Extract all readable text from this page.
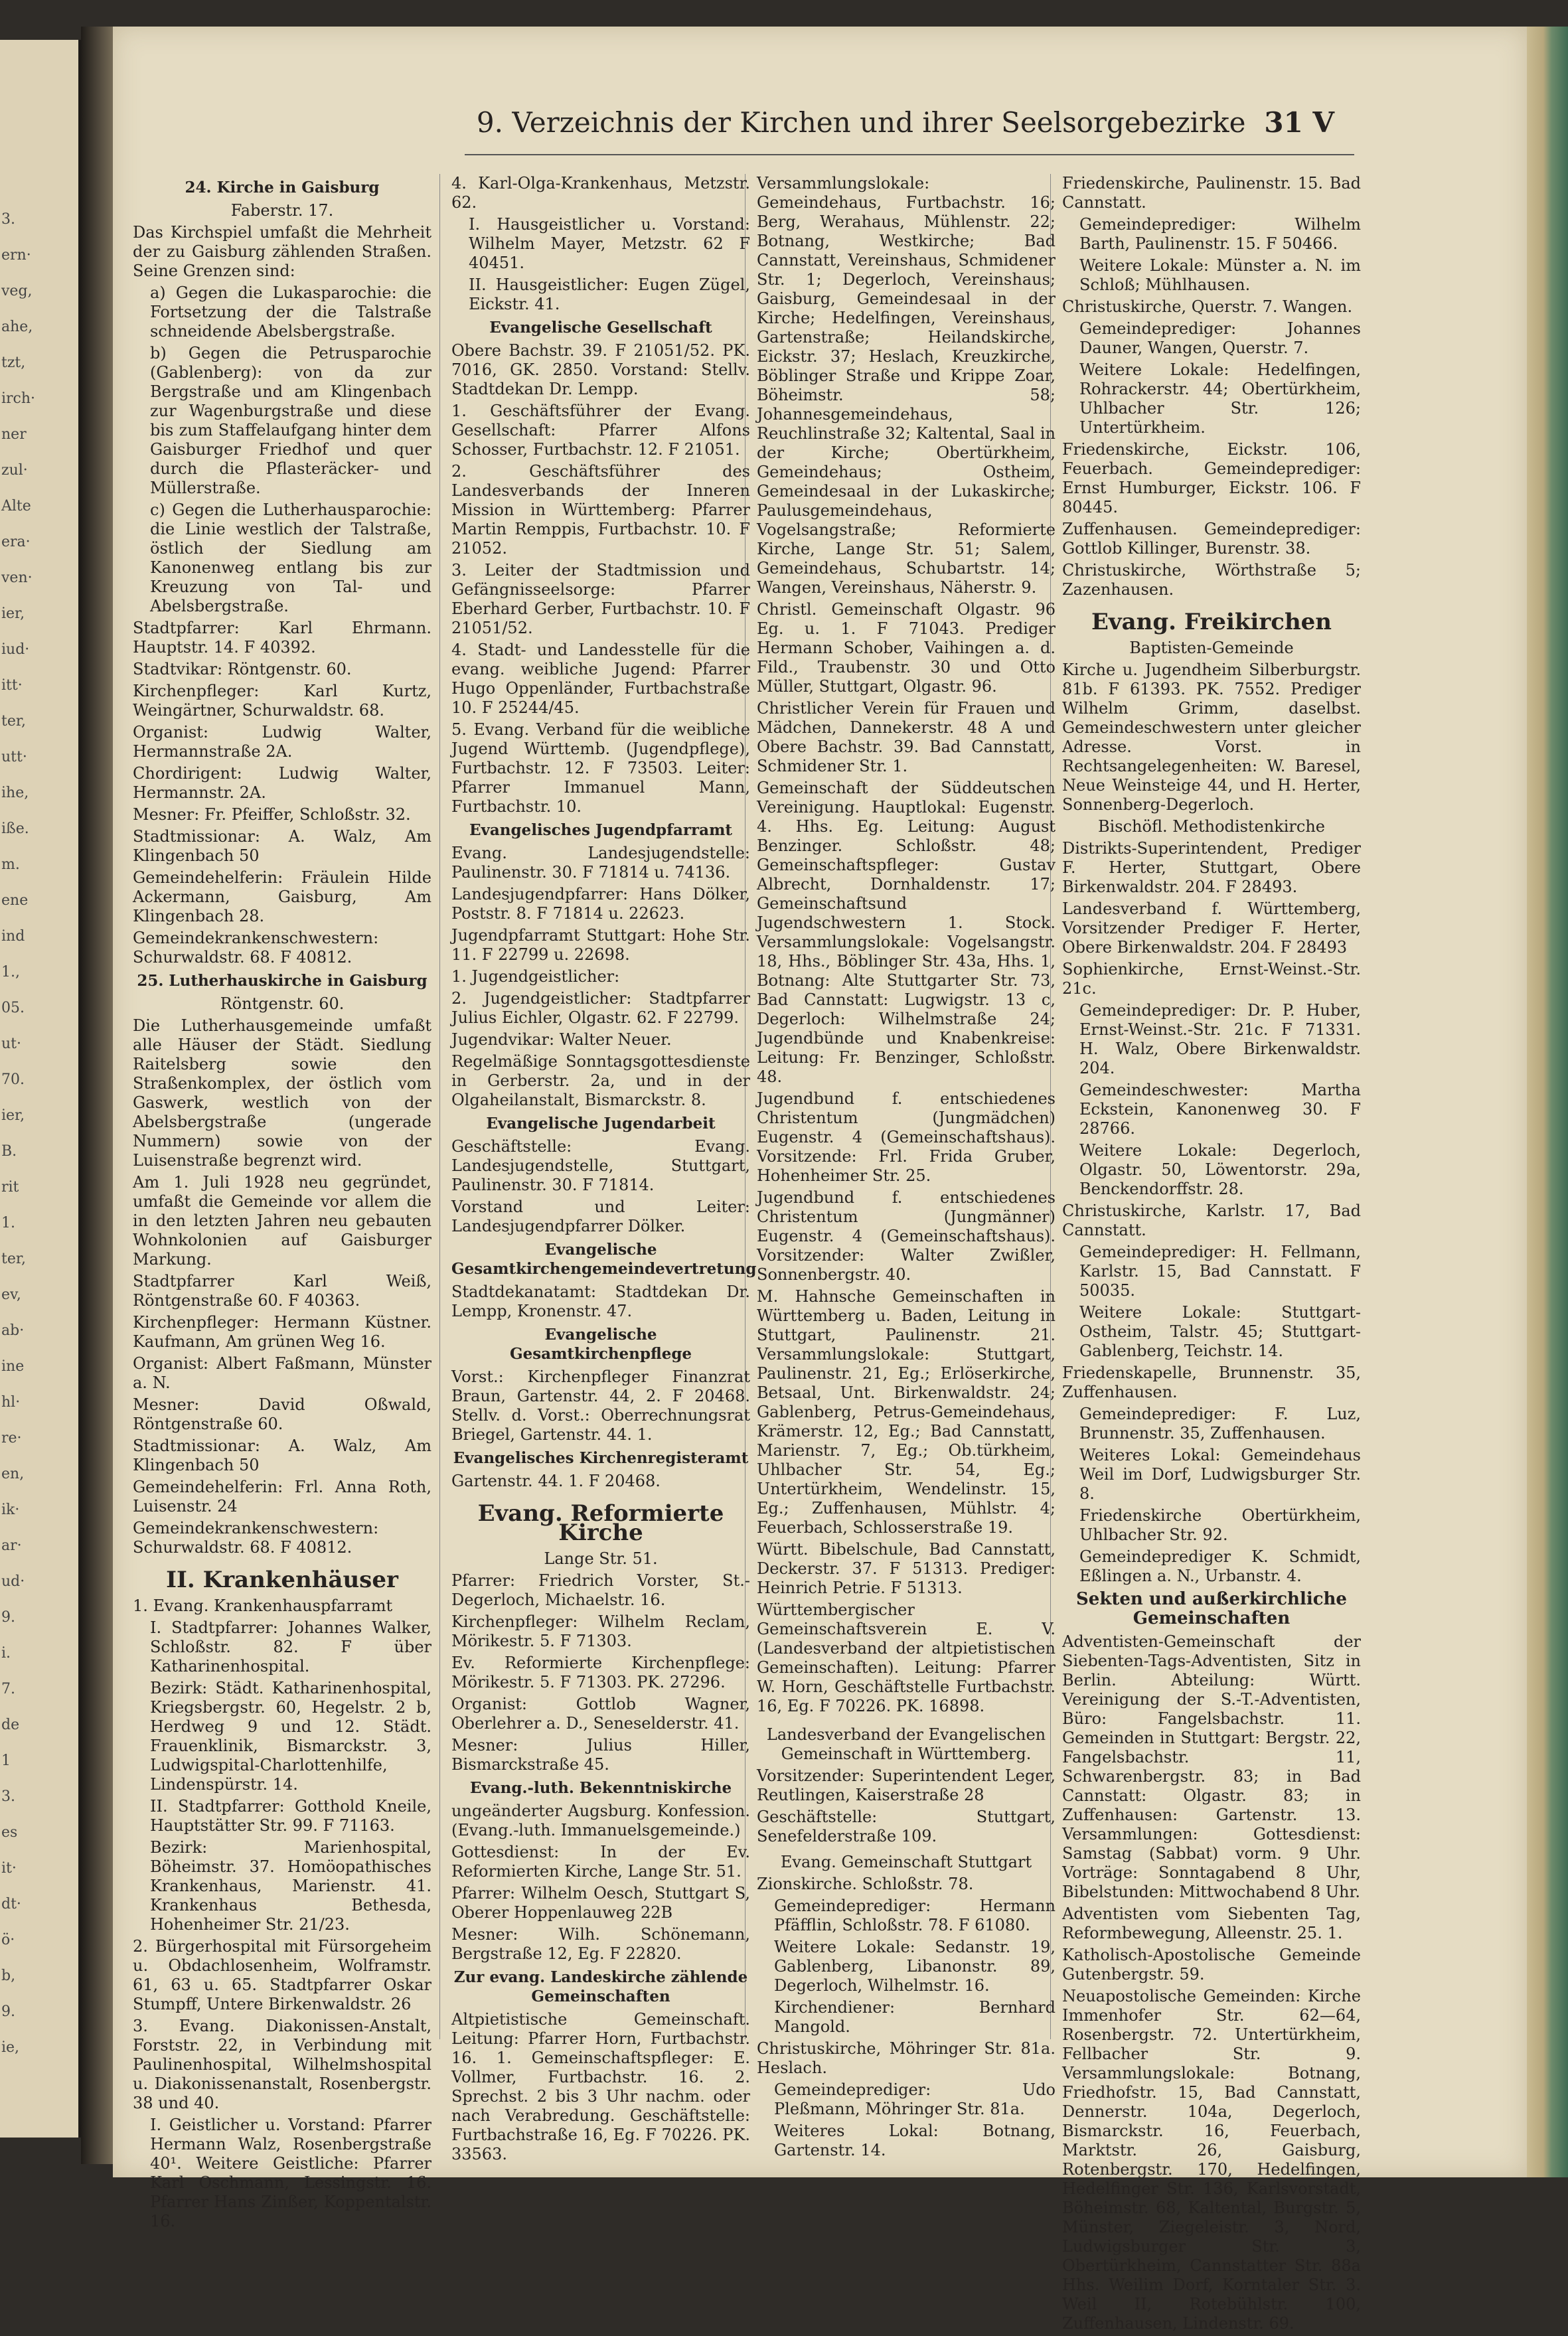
3.
ern·
veg,
ahe,
tzt,
irch·
ner
zul·
Alte
era·
ven·
ier,
iud·
itt·
ter,
utt·
ihe,
iße.
m.
ene
ind
1.,
05.
ut·
70.
ier,
B.
rit
1.
ter,
ev,
ab·
ine
hl·
re·
en,
ik·
ar·
ud·
9.
i.
7.
de
1
3.
es
it·
dt·
ö·
b,
9.
ie,
9. Verzeichnis der Kirchen und ihrer Seelsorgebezirke 31 V
24. Kirche in Gaisburg

Faberstr. 17.

Das Kirchspiel umfaßt die Mehrheit der zu Gaisburg zählenden Straßen. Seine Grenzen sind:

a) Gegen die Lukasparochie: die Fortsetzung der die Talstraße schneidende Abelsbergstraße.

b) Gegen die Petrusparochie (Gablenberg): von da zur Bergstraße und am Klingenbach zur Wagenburgstraße und diese bis zum Staffelaufgang hinter dem Gaisburger Friedhof und quer durch die Pflasteräcker- und Müllerstraße.

c) Gegen die Lutherhausparochie: die Linie westlich der Talstraße, östlich der Siedlung am Kanonenweg entlang bis zur Kreuzung von Tal- und Abelsbergstraße.

Stadtpfarrer: Karl Ehrmann. Hauptstr. 14. F 40392.

Stadtvikar: Röntgenstr. 60.

Kirchenpfleger: Karl Kurtz, Weingärtner, Schurwaldstr. 68.

Organist: Ludwig Walter, Hermannstraße 2A.

Chordirigent: Ludwig Walter, Hermannstr. 2A.

Mesner: Fr. Pfeiffer, Schloßstr. 32.

Stadtmissionar: A. Walz, Am Klingenbach 50

Gemeindehelferin: Fräulein Hilde Ackermann, Gaisburg, Am Klingenbach 28.

Gemeindekrankenschwestern: Schurwaldstr. 68. F 40812.

25. Lutherhauskirche in Gaisburg

Röntgenstr. 60.

Die Lutherhausgemeinde umfaßt alle Häuser der Städt. Siedlung Raitelsberg sowie den Straßenkomplex, der östlich vom Gaswerk, westlich von der Abelsbergstraße (ungerade Nummern) sowie von der Luisenstraße begrenzt wird.

Am 1. Juli 1928 neu gegründet, umfaßt die Gemeinde vor allem die in den letzten Jahren neu gebauten Wohnkolonien auf Gaisburger Markung.

Stadtpfarrer Karl Weiß, Röntgenstraße 60. F 40363.

Kirchenpfleger: Hermann Küstner. Kaufmann, Am grünen Weg 16.

Organist: Albert Faßmann, Münster a. N.

Mesner: David Oßwald, Röntgenstraße 60.

Stadtmissionar: A. Walz, Am Klingenbach 50

Gemeindehelferin: Frl. Anna Roth, Luisenstr. 24

Gemeindekrankenschwestern: Schurwaldstr. 68. F 40812.

II. Krankenhäuser

1. Evang. Krankenhauspfarramt

I. Stadtpfarrer: Johannes Walker, Schloßstr. 82. F über Katharinenhospital.

Bezirk: Städt. Katharinenhospital, Kriegsbergstr. 60, Hegelstr. 2 b, Herdweg 9 und 12. Städt. Frauenklinik, Bismarckstr. 3, Ludwigspital-Charlottenhilfe, Lindenspürstr. 14.

II. Stadtpfarrer: Gotthold Kneile, Hauptstätter Str. 99. F 71163.

Bezirk: Marienhospital, Böheimstr. 37. Homöopathisches Krankenhaus, Marienstr. 41. Krankenhaus Bethesda, Hohenheimer Str. 21/23.

2. Bürgerhospital mit Fürsorgeheim u. Obdachlosenheim, Wolframstr. 61, 63 u. 65. Stadtpfarrer Oskar Stumpff, Untere Birkenwaldstr. 26

3. Evang. Diakonissen-Anstalt, Forststr. 22, in Verbindung mit Paulinenhospital, Wilhelmshospital u. Diakonissenanstalt, Rosenbergstr. 38 und 40.

I. Geistlicher u. Vorstand: Pfarrer Hermann Walz, Rosenbergstraße 40¹. Weitere Geistliche: Pfarrer Karl Oschmann, Lessingstr. 16. Pfarrer Hans Zinßer, Koppentalstr. 16.

4. Karl-Olga-Krankenhaus, Metzstr. 62.

I. Hausgeistlicher u. Vorstand: Wilhelm Mayer, Metzstr. 62 F 40451.

II. Hausgeistlicher: Eugen Zügel, Eickstr. 41.

Evangelische Gesellschaft

Obere Bachstr. 39. F 21051/52. PK. 7016, GK. 2850. Vorstand: Stellv. Stadtdekan Dr. Lempp.

1. Geschäftsführer der Evang. Gesellschaft: Pfarrer Alfons Schosser, Furtbachstr. 12. F 21051.

2. Geschäftsführer des Landesverbands der Inneren Mission in Württemberg: Pfarrer Martin Remppis, Furtbachstr. 10. F 21052.

3. Leiter der Stadtmission und Gefängnisseelsorge: Pfarrer Eberhard Gerber, Furtbachstr. 10. F 21051/52.

4. Stadt- und Landesstelle für die evang. weibliche Jugend: Pfarrer Hugo Oppenländer, Furtbachstraße 10. F 25244/45.

5. Evang. Verband für die weibliche Jugend Württemb. (Jugendpflege), Furtbachstr. 12. F 73503. Leiter: Pfarrer Immanuel Mann, Furtbachstr. 10.

Evangelisches Jugendpfarramt

Evang. Landesjugendstelle: Paulinenstr. 30. F 71814 u. 74136.

Landesjugendpfarrer: Hans Dölker, Poststr. 8. F 71814 u. 22623.

Jugendpfarramt Stuttgart: Hohe Str. 11. F 22799 u. 22698.

1. Jugendgeistlicher:

2. Jugendgeistlicher: Stadtpfarrer Julius Eichler, Olgastr. 62. F 22799.

Jugendvikar: Walter Neuer.

Regelmäßige Sonntagsgottesdienste in Gerberstr. 2a, und in der Olgaheilanstalt, Bismarckstr. 8.

Evangelische Jugendarbeit

Geschäftstelle: Evang. Landesjugendstelle, Stuttgart, Paulinenstr. 30. F 71814.

Vorstand und Leiter: Landesjugendpfarrer Dölker.

Evangelische Gesamtkirchengemeindevertretung

Stadtdekanatamt: Stadtdekan Dr. Lempp, Kronenstr. 47.

Evangelische Gesamtkirchenpflege

Vorst.: Kirchenpfleger Finanzrat Braun, Gartenstr. 44, 2. F 20468. Stellv. d. Vorst.: Oberrechnungsrat Briegel, Gartenstr. 44. 1.

Evangelisches Kirchenregisteramt

Gartenstr. 44. 1. F 20468.

Evang. Reformierte Kirche

Lange Str. 51.

Pfarrer: Friedrich Vorster, St.-Degerloch, Michaelstr. 16.

Kirchenpfleger: Wilhelm Reclam, Mörikestr. 5. F 71303.

Ev. Reformierte Kirchenpflege: Mörikestr. 5. F 71303. PK. 27296.

Organist: Gottlob Wagner, Oberlehrer a. D., Seneselderstr. 41.

Mesner: Julius Hiller, Bismarckstraße 45.

Evang.-luth. Bekenntniskirche

ungeänderter Augsburg. Konfession. (Evang.-luth. Immanuelsgemeinde.)

Gottesdienst: In der Ev. Reformierten Kirche, Lange Str. 51.

Pfarrer: Wilhelm Oesch, Stuttgart S, Oberer Hoppenlauweg 22B

Mesner: Wilh. Schönemann, Bergstraße 12, Eg. F 22820.

Zur evang. Landeskirche zählende Gemeinschaften

Altpietistische Gemeinschaft. Leitung: Pfarrer Horn, Furtbachstr. 16. 1. Gemeinschaftspfleger: E. Vollmer, Furtbachstr. 16. 2. Sprechst. 2 bis 3 Uhr nachm. oder nach Verabredung. Geschäftstelle: Furtbachstraße 16, Eg. F 70226. PK. 33563.

Versammlungslokale: Gemeindehaus, Furtbachstr. 16; Berg, Werahaus, Mühlenstr. 22; Botnang, Westkirche; Bad Cannstatt, Vereinshaus, Schmidener Str. 1; Degerloch, Vereinshaus; Gaisburg, Gemeindesaal in der Kirche; Hedelfingen, Vereinshaus, Gartenstraße; Heilandskirche, Eickstr. 37; Heslach, Kreuzkirche, Böblinger Straße und Krippe Zoar, Böheimstr. 58; Johannesgemeindehaus, Reuchlinstraße 32; Kaltental, Saal in der Kirche; Obertürkheim, Gemeindehaus; Ostheim, Gemeindesaal in der Lukaskirche; Paulusgemeindehaus, Vogelsangstraße; Reformierte Kirche, Lange Str. 51; Salem, Gemeindehaus, Schubartstr. 14; Wangen, Vereinshaus, Näherstr. 9.

Christl. Gemeinschaft Olgastr. 96 Eg. u. 1. F 71043. Prediger Hermann Schober, Vaihingen a. d. Fild., Traubenstr. 30 und Otto Müller, Stuttgart, Olgastr. 96.

Christlicher Verein für Frauen und Mädchen, Dannekerstr. 48 A und Obere Bachstr. 39. Bad Cannstatt, Schmidener Str. 1.

Gemeinschaft der Süddeutschen Vereinigung. Hauptlokal: Eugenstr. 4. Hhs. Eg. Leitung: August Benzinger. Schloßstr. 48; Gemeinschaftspfleger: Gustav Albrecht, Dornhaldenstr. 17; Gemeinschaftsund Jugendschwestern 1. Stock. Versammlungslokale: Vogelsangstr. 18, Hhs., Böblinger Str. 43a, Hhs. 1, Botnang: Alte Stuttgarter Str. 73, Bad Cannstatt: Lugwigstr. 13 c, Degerloch: Wilhelmstraße 24; Jugendbünde und Knabenkreise: Leitung: Fr. Benzinger, Schloßstr. 48.

Jugendbund f. entschiedenes Christentum (Jungmädchen) Eugenstr. 4 (Gemeinschaftshaus). Vorsitzende: Frl. Frida Gruber, Hohenheimer Str. 25.

Jugendbund f. entschiedenes Christentum (Jungmänner) Eugenstr. 4 (Gemeinschaftshaus). Vorsitzender: Walter Zwißler, Sonnenbergstr. 40.

M. Hahnsche Gemeinschaften in Württemberg u. Baden, Leitung in Stuttgart, Paulinenstr. 21. Versammlungslokale: Stuttgart, Paulinenstr. 21, Eg.; Erlöserkirche, Betsaal, Unt. Birkenwaldstr. 24; Gablenberg, Petrus-Gemeindehaus, Krämerstr. 12, Eg.; Bad Cannstatt, Marienstr. 7, Eg.; Ob.türkheim, Uhlbacher Str. 54, Eg.; Untertürkheim, Wendelinstr. 15, Eg.; Zuffenhausen, Mühlstr. 4; Feuerbach, Schlosserstraße 19.

Württ. Bibelschule, Bad Cannstatt, Deckerstr. 37. F 51313. Prediger: Heinrich Petrie. F 51313.

Württembergischer Gemeinschaftsverein E. V. (Landesverband der altpietistischen Gemeinschaften). Leitung: Pfarrer W. Horn, Geschäftstelle Furtbachstr. 16, Eg. F 70226. PK. 16898.

Landesverband der Evangelischen Gemeinschaft in Württemberg.

Vorsitzender: Superintendent Leger, Reutlingen, Kaiserstraße 28

Geschäftstelle: Stuttgart, Senefelderstraße 109.

Evang. Gemeinschaft Stuttgart

Zionskirche. Schloßstr. 78.

Gemeindeprediger: Hermann Pfäfflin, Schloßstr. 78. F 61080.

Weitere Lokale: Sedanstr. 19, Gablenberg, Libanonstr. 89, Degerloch, Wilhelmstr. 16.

Kirchendiener: Bernhard Mangold.

Christuskirche, Möhringer Str. 81a. Heslach.

Gemeindeprediger: Udo Pleßmann, Möhringer Str. 81a.

Weiteres Lokal: Botnang, Gartenstr. 14.

Friedenskirche, Paulinenstr. 15. Bad Cannstatt.

Gemeindeprediger: Wilhelm Barth, Paulinenstr. 15. F 50466.

Weitere Lokale: Münster a. N. im Schloß; Mühlhausen.

Christuskirche, Querstr. 7. Wangen.

Gemeindeprediger: Johannes Dauner, Wangen, Querstr. 7.

Weitere Lokale: Hedelfingen, Rohrackerstr. 44; Obertürkheim, Uhlbacher Str. 126; Untertürkheim.

Friedenskirche, Eickstr. 106, Feuerbach. Gemeindeprediger: Ernst Humburger, Eickstr. 106. F 80445.

Zuffenhausen. Gemeindeprediger: Gottlob Killinger, Burenstr. 38.

Christuskirche, Wörthstraße 5; Zazenhausen.

Evang. Freikirchen

Baptisten-Gemeinde

Kirche u. Jugendheim Silberburgstr. 81b. F 61393. PK. 7552. Prediger Wilhelm Grimm, daselbst. Gemeindeschwestern unter gleicher Adresse. Vorst. in Rechtsangelegenheiten: W. Baresel, Neue Weinsteige 44, und H. Herter, Sonnenberg-Degerloch.

Bischöfl. Methodistenkirche

Distrikts-Superintendent, Prediger F. Herter, Stuttgart, Obere Birkenwaldstr. 204. F 28493.

Landesverband f. Württemberg, Vorsitzender Prediger F. Herter, Obere Birkenwaldstr. 204. F 28493

Sophienkirche, Ernst-Weinst.-Str. 21c.

Gemeindeprediger: Dr. P. Huber, Ernst-Weinst.-Str. 21c. F 71331. H. Walz, Obere Birkenwaldstr. 204.

Gemeindeschwester: Martha Eckstein, Kanonenweg 30. F 28766.

Weitere Lokale: Degerloch, Olgastr. 50, Löwentorstr. 29a, Benckendorffstr. 28.

Christuskirche, Karlstr. 17, Bad Cannstatt.

Gemeindeprediger: H. Fellmann, Karlstr. 15, Bad Cannstatt. F 50035.

Weitere Lokale: Stuttgart-Ostheim, Talstr. 45; Stuttgart-Gablenberg, Teichstr. 14.

Friedenskapelle, Brunnenstr. 35, Zuffenhausen.

Gemeindeprediger: F. Luz, Brunnenstr. 35, Zuffenhausen.

Weiteres Lokal: Gemeindehaus Weil im Dorf, Ludwigsburger Str. 8.

Friedenskirche Obertürkheim, Uhlbacher Str. 92.

Gemeindeprediger K. Schmidt, Eßlingen a. N., Urbanstr. 4.

Sekten und außerkirchliche Gemeinschaften

Adventisten-Gemeinschaft der Siebenten-Tags-Adventisten, Sitz in Berlin. Abteilung: Württ. Vereinigung der S.-T.-Adventisten, Büro: Fangelsbachstr. 11. Gemeinden in Stuttgart: Bergstr. 22, Fangelsbachstr. 11, Schwarenbergstr. 83; in Bad Cannstatt: Olgastr. 83; in Zuffenhausen: Gartenstr. 13. Versammlungen: Gottesdienst: Samstag (Sabbat) vorm. 9 Uhr. Vorträge: Sonntagabend 8 Uhr, Bibelstunden: Mittwochabend 8 Uhr.

Adventisten vom Siebenten Tag, Reformbewegung, Alleenstr. 25. 1.

Katholisch-Apostolische Gemeinde Gutenbergstr. 59.

Neuapostolische Gemeinden: Kirche Immenhofer Str. 62—64, Rosenbergstr. 72. Untertürkheim, Fellbacher Str. 9. Versammlungslokale: Botnang, Friedhofstr. 15, Bad Cannstatt, Dennerstr. 104a, Degerloch, Bismarckstr. 16, Feuerbach, Marktstr. 26, Gaisburg, Rotenbergstr. 170, Hedelfingen, Hedelfinger Str. 136, Karlsvorstadt, Böheimstr. 68, Kaltental, Burgstr. 5, Münster, Ziegeleistr. 3, Nord, Ludwigsburger Str. 3, Obertürkheim, Cannstatter Str. 88a Hhs. Weilim Dorf, Korntaler Str. 3. Weil II, Rotebühlstr. 100, Zuffenhausen, Lindenstr. 69.
